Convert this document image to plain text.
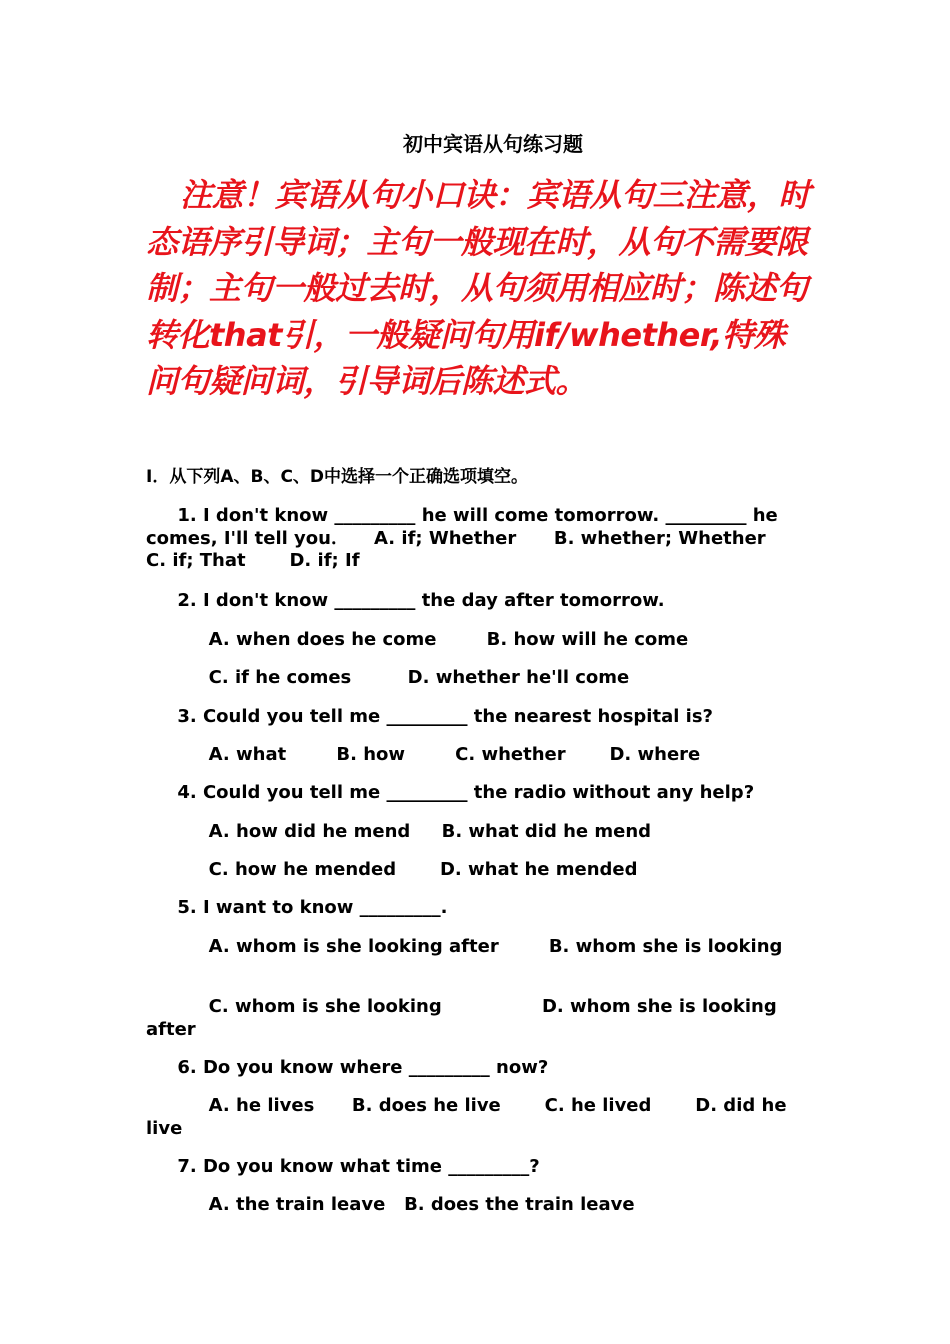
初中宾语从句练习题
注意！宾语从句小口诀：宾语从句三注意，时态语序引导词；主句一般现在时，从句不需要限制；主句一般过去时，从句须用相应时；陈述句转化that引，一般疑问句用if/whether,特殊问句疑问词，引导词后陈述式。
I．从下列A、B、C、D中选择一个正确选项填空。
1. I don't know _________ he will come tomorrow. _________ he comes, I'll tell you．    A. if; Whether      B. whether; Whether       C. if; That       D. if; If
2. I don't know _________ the day after tomorrow.
A. when does he come        B. how will he come
C. if he comes         D. whether he'll come
3. Could you tell me _________ the nearest hospital is?
A. what        B. how        C. whether       D. where
4. Could you tell me _________ the radio without any help?
A. how did he mend     B. what did he mend
C. how he mended       D. what he mended
5. I want to know _________.
A. whom is she looking after        B. whom she is looking
C. whom is she looking                D. whom she is looking after
6. Do you know where _________ now?
A. he lives      B. does he live       C. he lived       D. did he live
7. Do you know what time _________?
A. the train leave   B. does the train leave
